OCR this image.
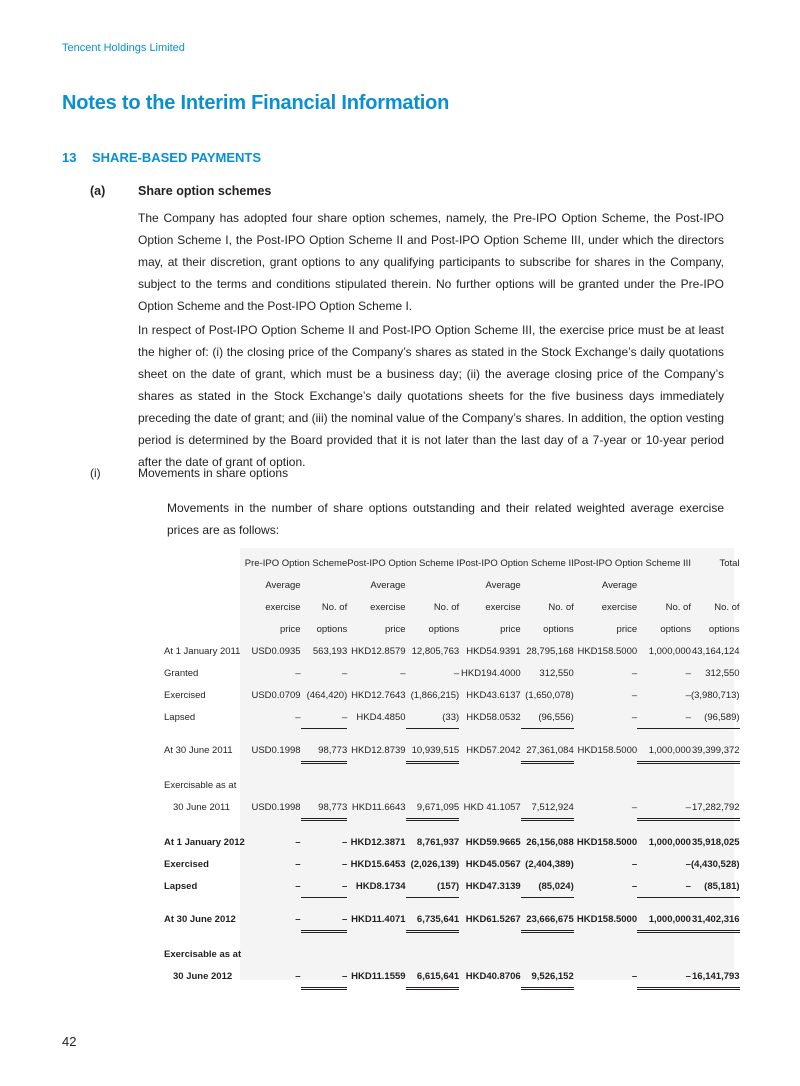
Tencent Holdings Limited
Notes to the Interim Financial Information
13 SHARE-BASED PAYMENTS
(a)	Share option schemes

The Company has adopted four share option schemes, namely, the Pre-IPO Option Scheme, the Post-IPO Option Scheme I, the Post-IPO Option Scheme II and Post-IPO Option Scheme III, under which the directors may, at their discretion, grant options to any qualifying participants to subscribe for shares in the Company, subject to the terms and conditions stipulated therein. No further options will be granted under the Pre-IPO Option Scheme and the Post-IPO Option Scheme I.

In respect of Post-IPO Option Scheme II and Post-IPO Option Scheme III, the exercise price must be at least the higher of: (i) the closing price of the Company’s shares as stated in the Stock Exchange’s daily quotations sheet on the date of grant, which must be a business day; (ii) the average closing price of the Company’s shares as stated in the Stock Exchange’s daily quotations sheets for the five business days immediately preceding the date of grant; and (iii) the nominal value of the Company’s shares. In addition, the option vesting period is determined by the Board provided that it is not later than the last day of a 7-year or 10-year period after the date of grant of option.

(i)	Movements in share options

Movements in the number of share options outstanding and their related weighted average exercise prices are as follows:

	Pre-IPO Option Scheme		Post-IPO Option Scheme I		Post-IPO Option Scheme II		Post-IPO Option Scheme III		Total
	Average		Average		Average		Average		
	exercise	No. of	exercise	No. of	exercise	No. of	exercise	No. of	No. of
	price	options	price	options	price	options	price	options	options
At 1 January 2011	USD0.0935	563,193	HKD12.8579	12,805,763	HKD54.9391	28,795,168	HKD158.5000	1,000,000	43,164,124
Granted	–	–	–	–	HKD194.4000	312,550	–	–	312,550
Exercised	USD0.0709	(464,420)	HKD12.7643	(1,866,215)	HKD43.6137	(1,650,078)	–	–	(3,980,713)
Lapsed	–	–	HKD4.4850	(33)	HKD58.0532	(96,556)	–	–	(96,589)

At 30 June 2011	USD0.1998	98,773	HKD12.8739	10,939,515	HKD57.2042	27,361,084	HKD158.5000	1,000,000	39,399,372

Exercisable as at									
30 June 2011	USD0.1998	98,773	HKD11.6643	9,671,095	HKD 41.1057	7,512,924	–	–	17,282,792

At 1 January 2012	–	–	HKD12.3871	8,761,937	HKD59.9665	26,156,088	HKD158.5000	1,000,000	35,918,025
Exercised	–	–	HKD15.6453	(2,026,139)	HKD45.0567	(2,404,389)	–	–	(4,430,528)
Lapsed	–	–	HKD8.1734	(157)	HKD47.3139	(85,024)	–	–	(85,181)

At 30 June 2012	–	–	HKD11.4071	6,735,641	HKD61.5267	23,666,675	HKD158.5000	1,000,000	31,402,316

Exercisable as at									
30 June 2012	–	–	HKD11.1559	6,615,641	HKD40.8706	9,526,152	–	–	16,141,793
42
